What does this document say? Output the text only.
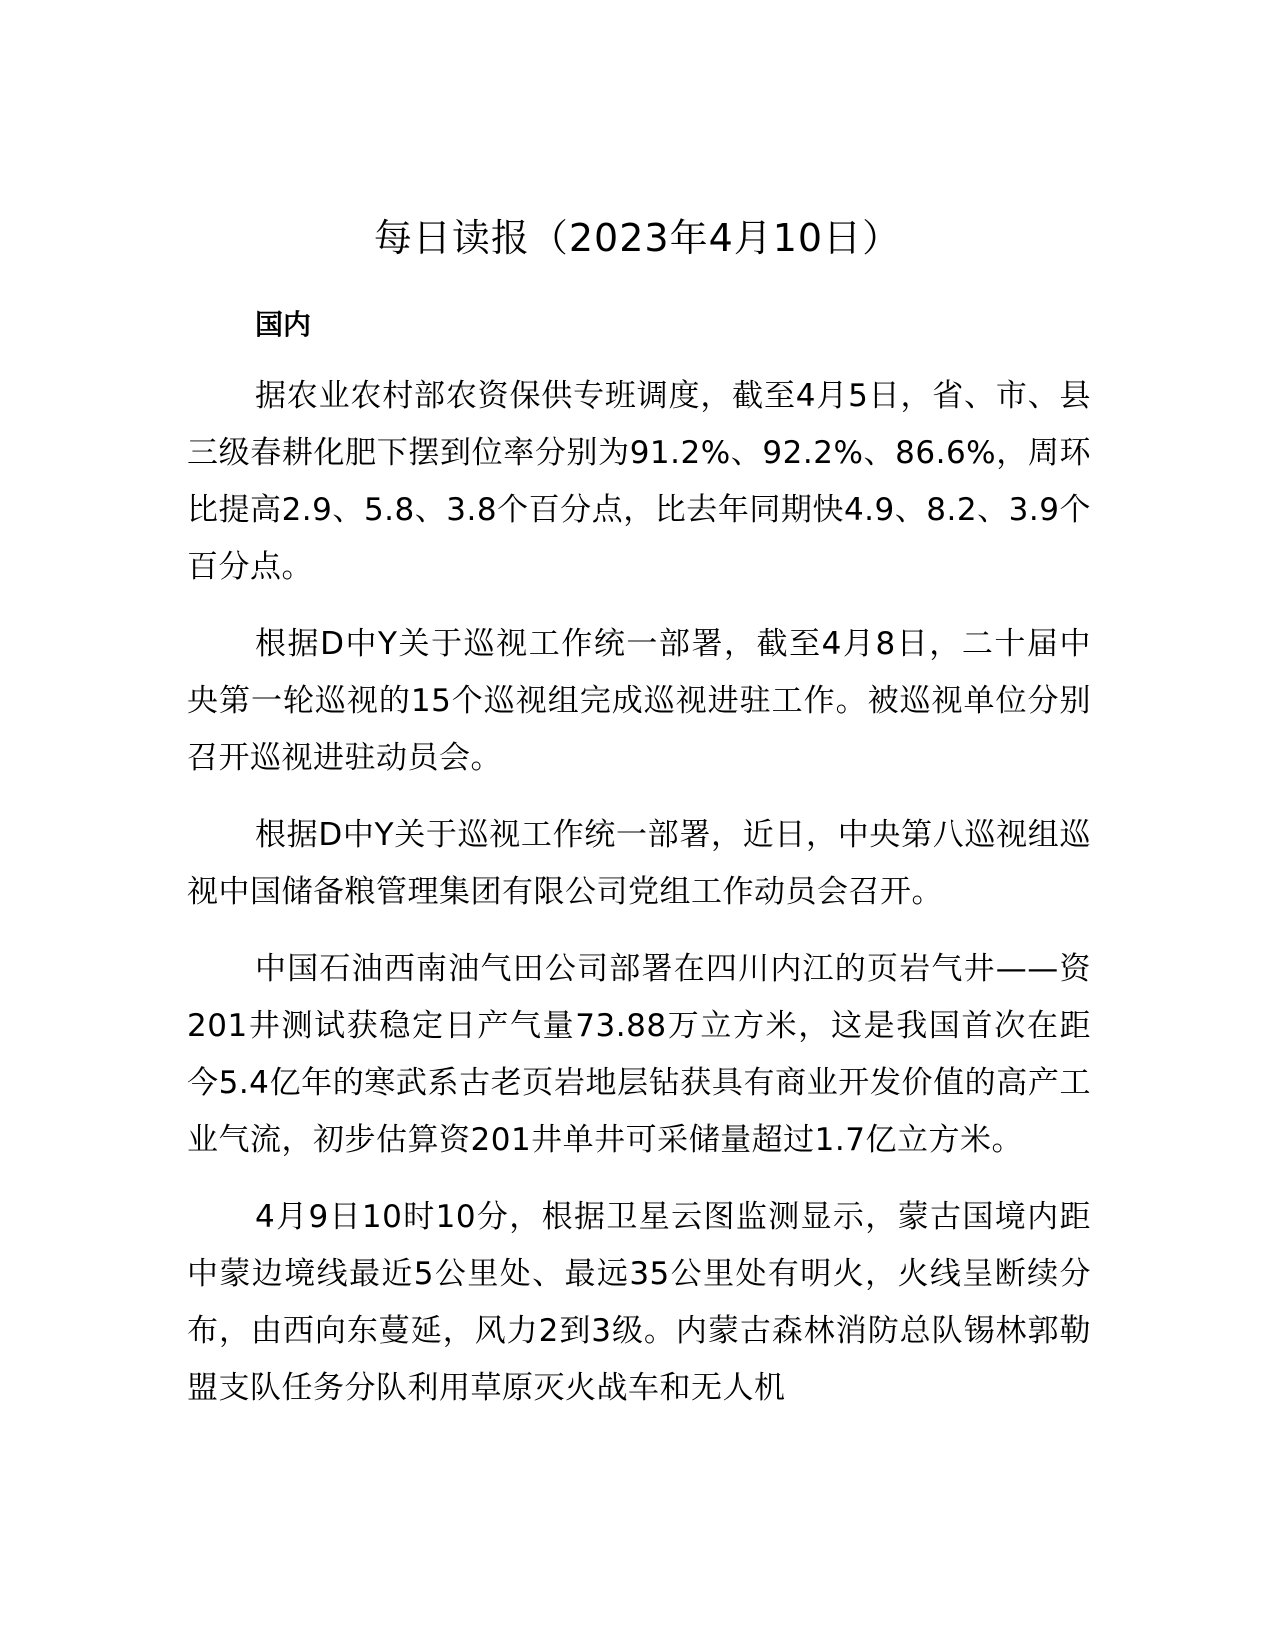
每日读报（2023年4月10日）
国内

据农业农村部农资保供专班调度，截至4月5日，省、市、县三级春耕化肥下摆到位率分别为91.2%、92.2%、86.6%，周环比提高2.9、5.8、3.8个百分点，比去年同期快4.9、8.2、3.9个百分点。

根据D中Y关于巡视工作统一部署，截至4月8日，二十届中央第一轮巡视的15个巡视组完成巡视进驻工作。被巡视单位分别召开巡视进驻动员会。

根据D中Y关于巡视工作统一部署，近日，中央第八巡视组巡视中国储备粮管理集团有限公司党组工作动员会召开。

中国石油西南油气田公司部署在四川内江的页岩气井——资201井测试获稳定日产气量73.88万立方米，这是我国首次在距今5.4亿年的寒武系古老页岩地层钻获具有商业开发价值的高产工业气流，初步估算资201井单井可采储量超过1.7亿立方米。

4月9日10时10分，根据卫星云图监测显示，蒙古国境内距中蒙边境线最近5公里处、最远35公里处有明火，火线呈断续分布，由西向东蔓延，风力2到3级。内蒙古森林消防总队锡林郭勒盟支队任务分队利用草原灭火战车和无人机
